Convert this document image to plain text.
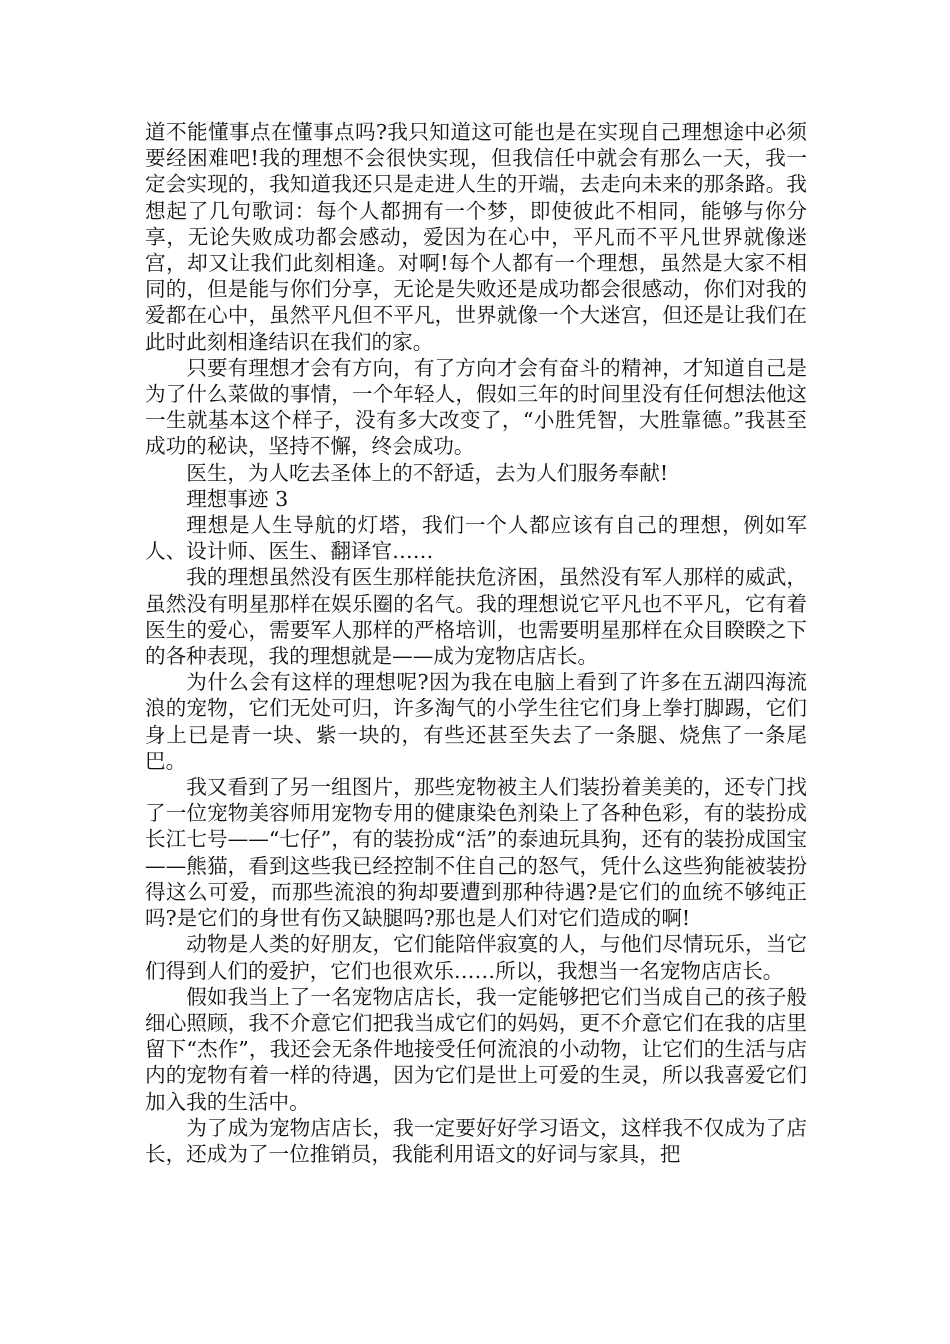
道不能懂事点在懂事点吗?我只知道这可能也是在实现自己理想途中必须要经困难吧!我的理想不会很快实现，但我信任中就会有那么一天，我一定会实现的，我知道我还只是走进人生的开端，去走向未来的那条路。我想起了几句歌词：每个人都拥有一个梦，即使彼此不相同，能够与你分享，无论失败成功都会感动，爱因为在心中，平凡而不平凡世界就像迷宫，却又让我们此刻相逢。对啊!每个人都有一个理想，虽然是大家不相同的，但是能与你们分享，无论是失败还是成功都会很感动，你们对我的爱都在心中，虽然平凡但不平凡，世界就像一个大迷宫，但还是让我们在此时此刻相逢结识在我们的家。

只要有理想才会有方向，有了方向才会有奋斗的精神，才知道自己是为了什么菜做的事情，一个年轻人，假如三年的时间里没有任何想法他这一生就基本这个样子，没有多大改变了，“小胜凭智，大胜靠德。”我甚至成功的秘诀，坚持不懈，终会成功。

医生，为人吃去圣体上的不舒适，去为人们服务奉献!

理想事迹 3

理想是人生导航的灯塔，我们一个人都应该有自己的理想，例如军人、设计师、医生、翻译官……

我的理想虽然没有医生那样能扶危济困，虽然没有军人那样的威武，虽然没有明星那样在娱乐圈的名气。我的理想说它平凡也不平凡，它有着医生的爱心，需要军人那样的严格培训，也需要明星那样在众目睽睽之下的各种表现，我的理想就是——成为宠物店店长。

为什么会有这样的理想呢?因为我在电脑上看到了许多在五湖四海流浪的宠物，它们无处可归，许多淘气的小学生往它们身上拳打脚踢，它们身上已是青一块、紫一块的，有些还甚至失去了一条腿、烧焦了一条尾巴。

我又看到了另一组图片，那些宠物被主人们装扮着美美的，还专门找了一位宠物美容师用宠物专用的健康染色剂染上了各种色彩，有的装扮成长江七号——“七仔”，有的装扮成“活”的泰迪玩具狗，还有的装扮成国宝——熊猫，看到这些我已经控制不住自己的怒气，凭什么这些狗能被装扮得这么可爱，而那些流浪的狗却要遭到那种待遇?是它们的血统不够纯正吗?是它们的身世有伤又缺腿吗?那也是人们对它们造成的啊!

动物是人类的好朋友，它们能陪伴寂寞的人，与他们尽情玩乐，当它们得到人们的爱护，它们也很欢乐……所以，我想当一名宠物店店长。

假如我当上了一名宠物店店长，我一定能够把它们当成自己的孩子般细心照顾，我不介意它们把我当成它们的妈妈，更不介意它们在我的店里留下“杰作”，我还会无条件地接受任何流浪的小动物，让它们的生活与店内的宠物有着一样的待遇，因为它们是世上可爱的生灵，所以我喜爱它们加入我的生活中。

为了成为宠物店店长，我一定要好好学习语文，这样我不仅成为了店长，还成为了一位推销员，我能利用语文的好词与家具，把
